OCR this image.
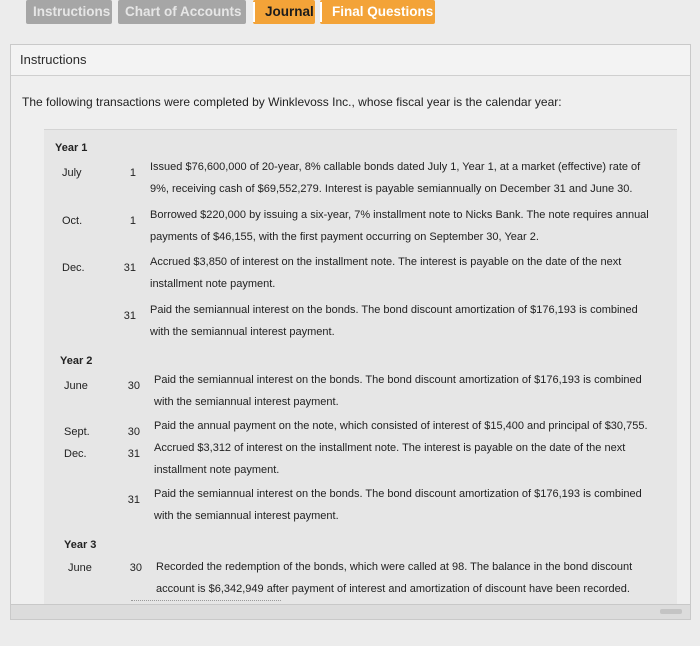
Instructions	Chart of Accounts	Journal	Final Questions
Instructions
The following transactions were completed by Winklevoss Inc., whose fiscal year is the calendar year:
Year 1
July	1 Issued $76,600,000 of 20-year, 8% callable bonds dated July 1, Year 1, at a market (effective) rate of
9%, receiving cash of $69,552,279. Interest is payable semiannually on December 31 and June 30.
Oct.	1 Borrowed $220,000 by issuing a six-year, 7% installment note to Nicks Bank. The note requires annual
payments of $46,155, with the first payment occurring on September 30, Year 2.
Dec.	31 Accrued $3,850 of interest on the installment note. The interest is payable on the date of the next
installment note payment.
31 Paid the semiannual interest on the bonds. The bond discount amortization of $176,193 is combined
with the semiannual interest payment.
Year 2
June	30 Paid the semiannual interest on the bonds. The bond discount amortization of $176,193 is combined
with the semiannual interest payment.
Sept.	30 Paid the annual payment on the note, which consisted of interest of $15,400 and principal of $30,755.
Dec.	31 Accrued $3,312 of interest on the installment note. The interest is payable on the date of the next
installment note payment.
31 Paid the semiannual interest on the bonds. The bond discount amortization of $176,193 is combined
with the semiannual interest payment.
Year 3
June	30 Recorded the redemption of the bonds, which were called at 98. The balance in the bond discount
account is $6,342,949 after payment of interest and amortization of discount have been recorded.
